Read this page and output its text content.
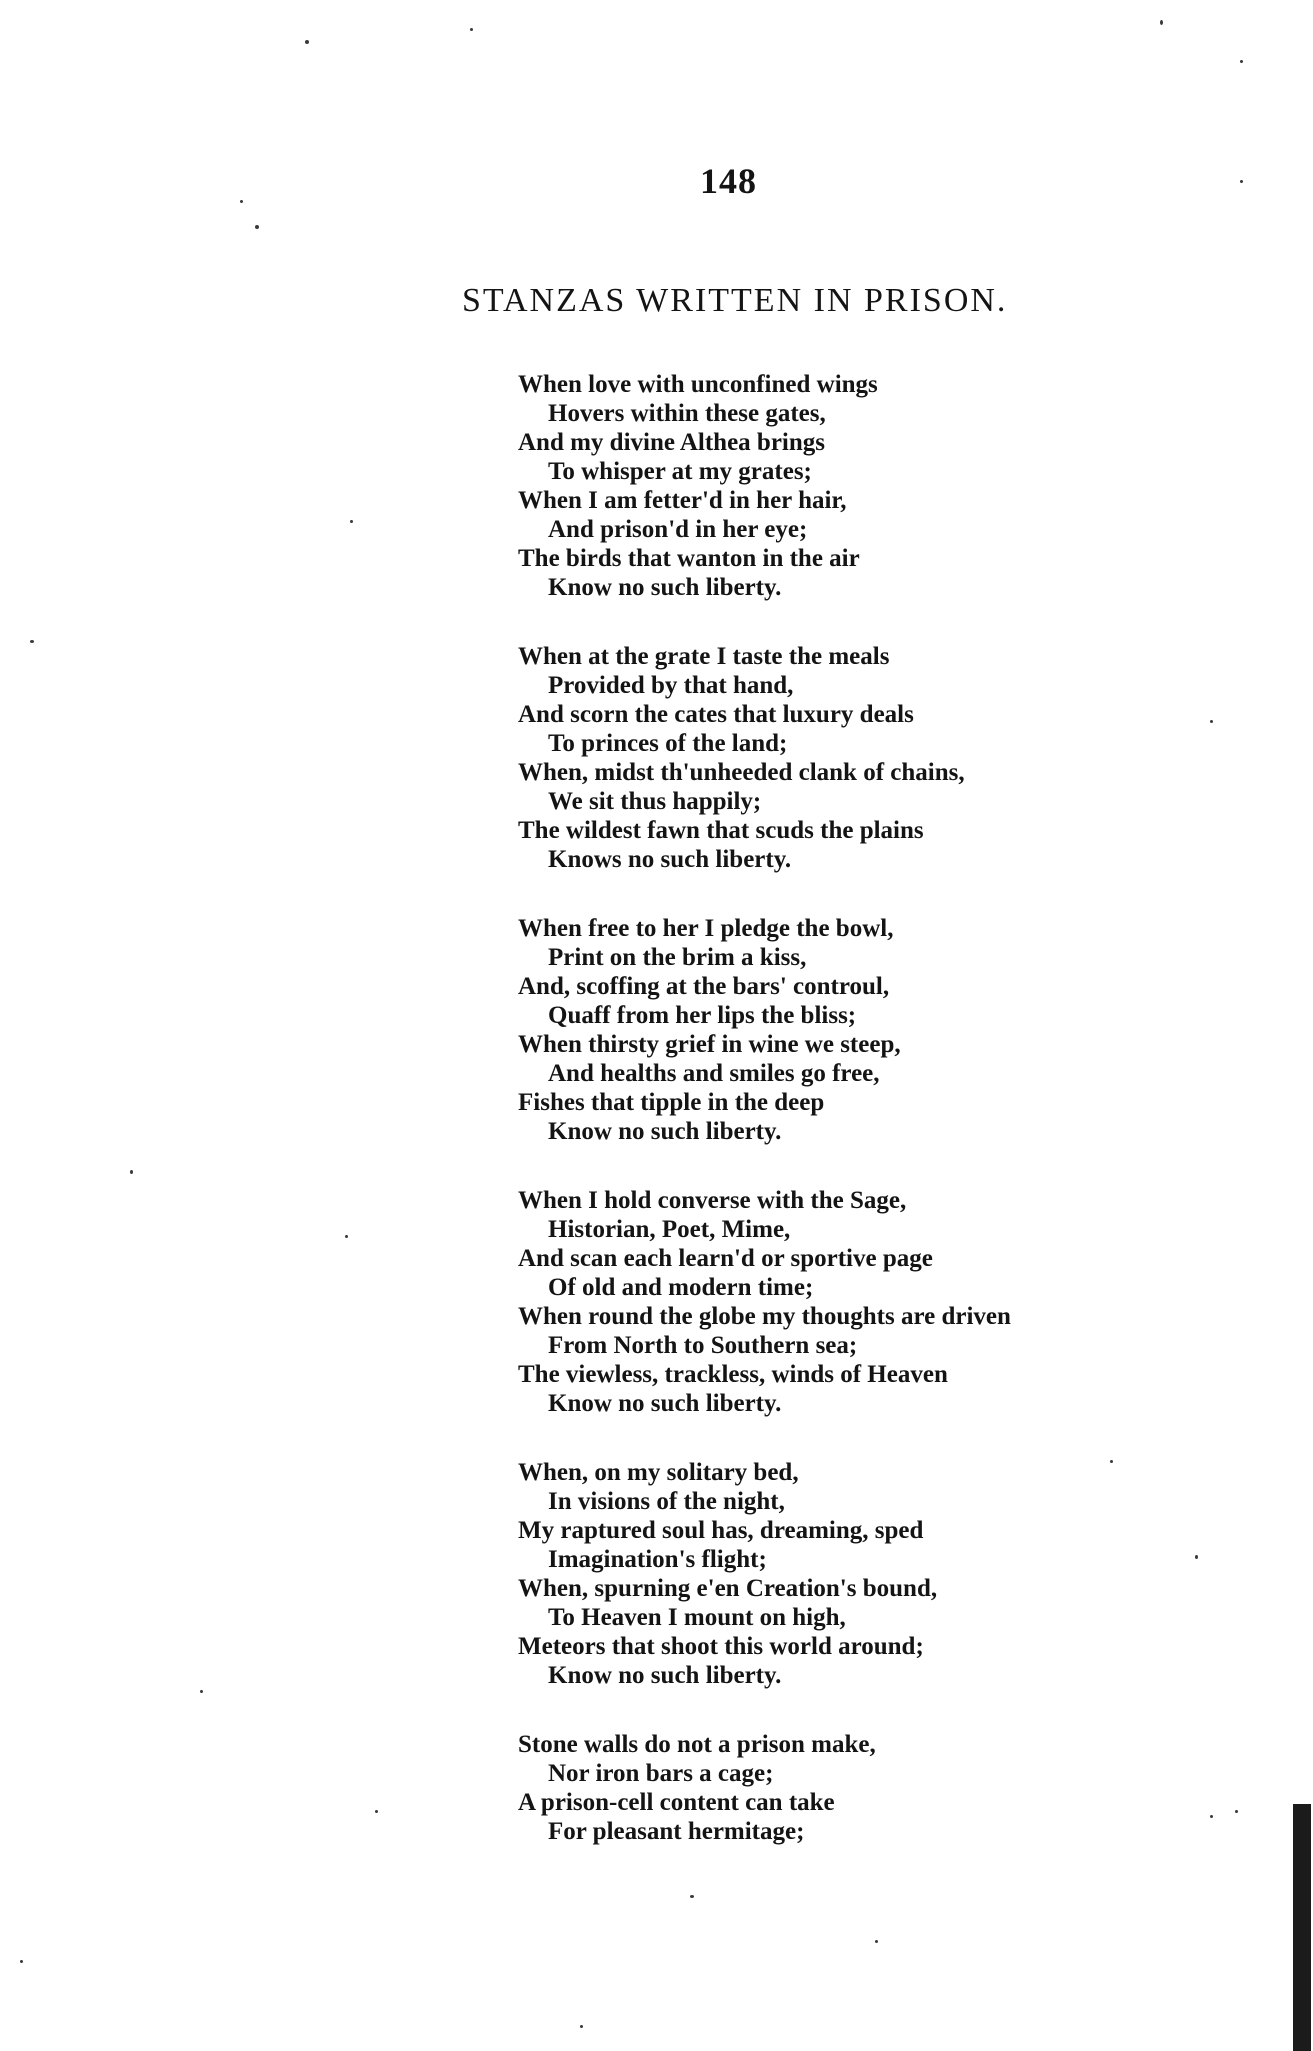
148
STANZAS WRITTEN IN PRISON.
When love with unconfined wings
Hovers within these gates,
And my divine Althea brings
To whisper at my grates;
When I am fetter'd in her hair,
And prison'd in her eye;
The birds that wanton in the air
Know no such liberty.
When at the grate I taste the meals
Provided by that hand,
And scorn the cates that luxury deals
To princes of the land;
When, midst th'unheeded clank of chains,
We sit thus happily;
The wildest fawn that scuds the plains
Knows no such liberty.
When free to her I pledge the bowl,
Print on the brim a kiss,
And, scoffing at the bars' controul,
Quaff from her lips the bliss;
When thirsty grief in wine we steep,
And healths and smiles go free,
Fishes that tipple in the deep
Know no such liberty.
When I hold converse with the Sage,
Historian, Poet, Mime,
And scan each learn'd or sportive page
Of old and modern time;
When round the globe my thoughts are driven
From North to Southern sea;
The viewless, trackless, winds of Heaven
Know no such liberty.
When, on my solitary bed,
In visions of the night,
My raptured soul has, dreaming, sped
Imagination's flight;
When, spurning e'en Creation's bound,
To Heaven I mount on high,
Meteors that shoot this world around;
Know no such liberty.
Stone walls do not a prison make,
Nor iron bars a cage;
A prison-cell content can take
For pleasant hermitage;
